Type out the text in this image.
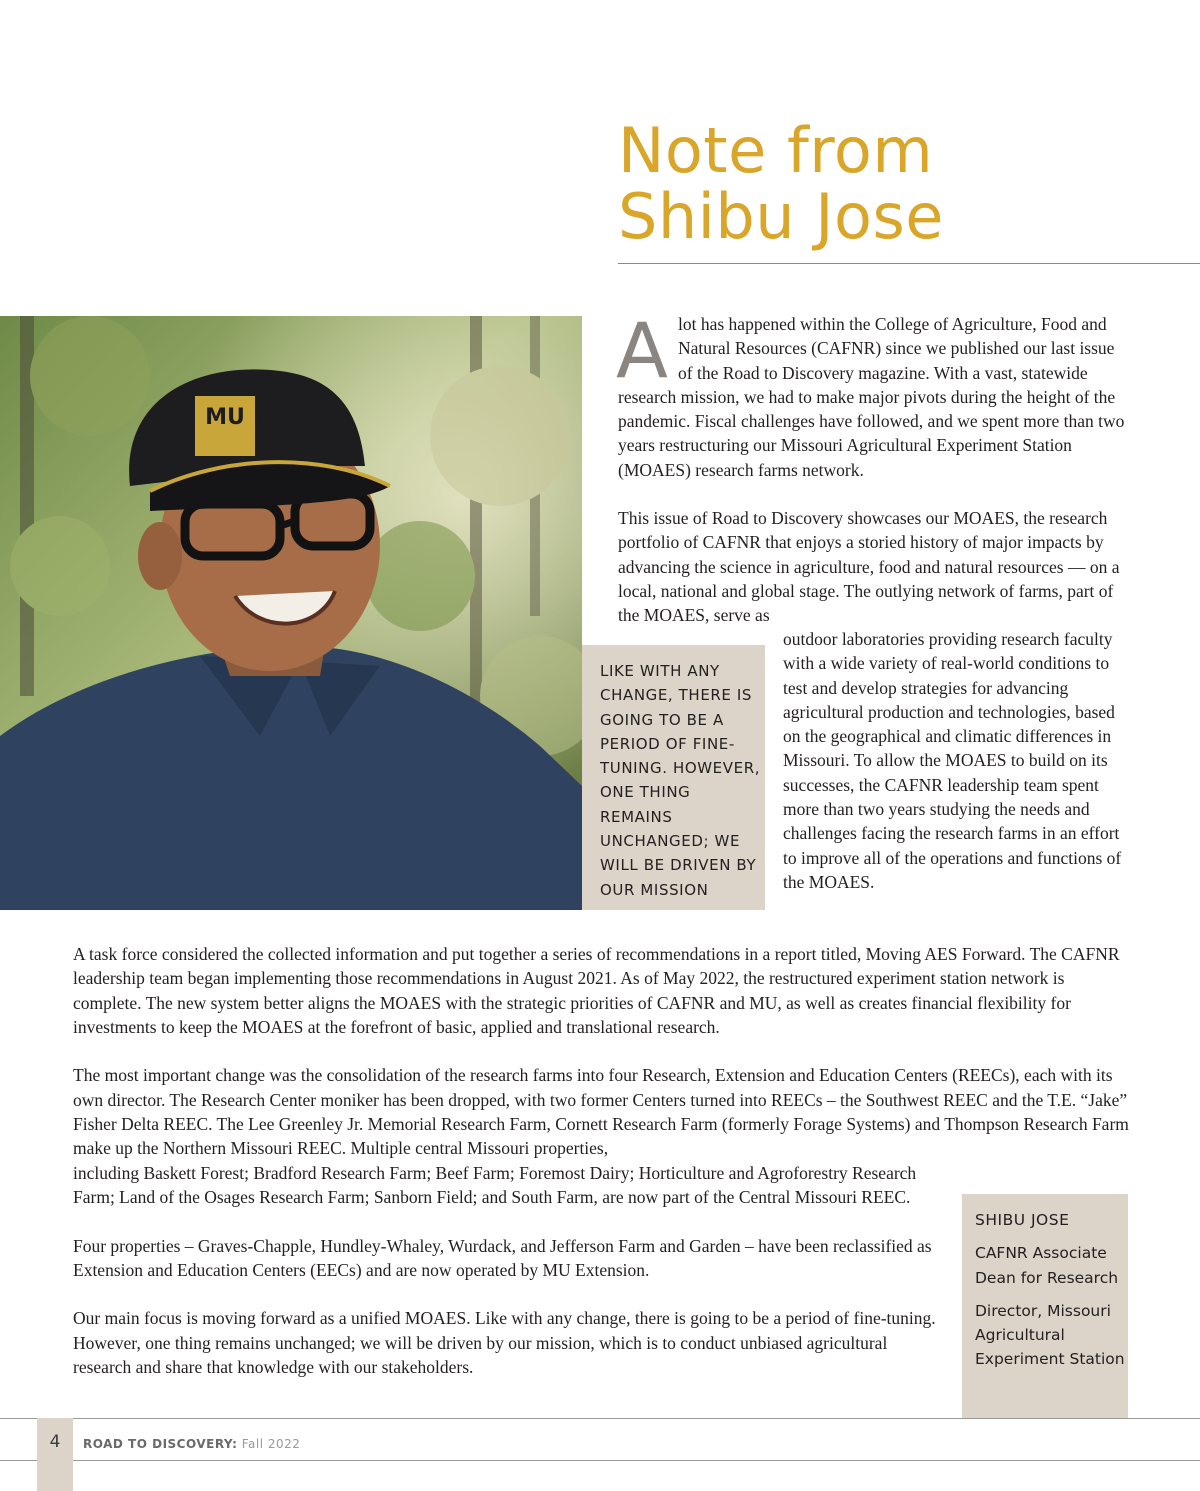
Note from
Shibu Jose
MU
LIKE WITH ANY CHANGE, THERE IS GOING TO BE A PERIOD OF FINE-TUNING. HOWEVER, ONE THING REMAINS UNCHANGED; WE WILL BE DRIVEN BY OUR MISSION

A lot has happened within the College of Agriculture, Food and Natural Resources (CAFNR) since we published our last issue of the Road to Discovery magazine. With a vast, statewide research mission, we had to make major pivots during the height of the pandemic. Fiscal challenges have followed, and we spent more than two years restructuring our Missouri Agricultural Experiment Station (MOAES) research farms network.

This issue of Road to Discovery showcases our MOAES, the research portfolio of CAFNR that enjoys a storied history of major impacts by advancing the science in agriculture, food and natural resources — on a local, national and global stage. The outlying network of farms, part of the MOAES, serve as

outdoor laboratories providing research faculty with a wide variety of real-world conditions to test and develop strategies for advancing agricultural production and technologies, based on the geographical and climatic differences in Missouri. To allow the MOAES to build on its successes, the CAFNR leadership team spent more than two years studying the needs and challenges facing the research farms in an effort to improve all of the operations and functions of the MOAES.

A task force considered the collected information and put together a series of recommendations in a report titled, Moving AES Forward. The CAFNR leadership team began implementing those recommendations in August 2021. As of May 2022, the restructured experiment station network is complete. The new system better aligns the MOAES with the strategic priorities of CAFNR and MU, as well as creates financial flexibility for investments to keep the MOAES at the forefront of basic, applied and translational research.

The most important change was the consolidation of the research farms into four Research, Extension and Education Centers (REECs), each with its own director. The Research Center moniker has been dropped, with two former Centers turned into REECs – the Southwest REEC and the T.E. “Jake” Fisher Delta REEC. The Lee Greenley Jr. Memorial Research Farm, Cornett Research Farm (formerly Forage Systems) and Thompson Research Farm make up the Northern Missouri REEC. Multiple central Missouri properties,

including Baskett Forest; Bradford Research Farm; Beef Farm; Foremost Dairy; Horticulture and Agroforestry Research Farm; Land of the Osages Research Farm; Sanborn Field; and South Farm, are now part of the Central Missouri REEC.

Four properties – Graves-Chapple, Hundley-Whaley, Wurdack, and Jefferson Farm and Garden – have been reclassified as Extension and Education Centers (EECs) and are now operated by MU Extension.

Our main focus is moving forward as a unified MOAES. Like with any change, there is going to be a period of fine-tuning. However, one thing remains unchanged; we will be driven by our mission, which is to conduct unbiased agricultural research and share that knowledge with our stakeholders.

SHIBU JOSE
CAFNR Associate Dean for Research
Director, Missouri Agricultural Experiment Station
4	ROAD TO DISCOVERY: Fall 2022
